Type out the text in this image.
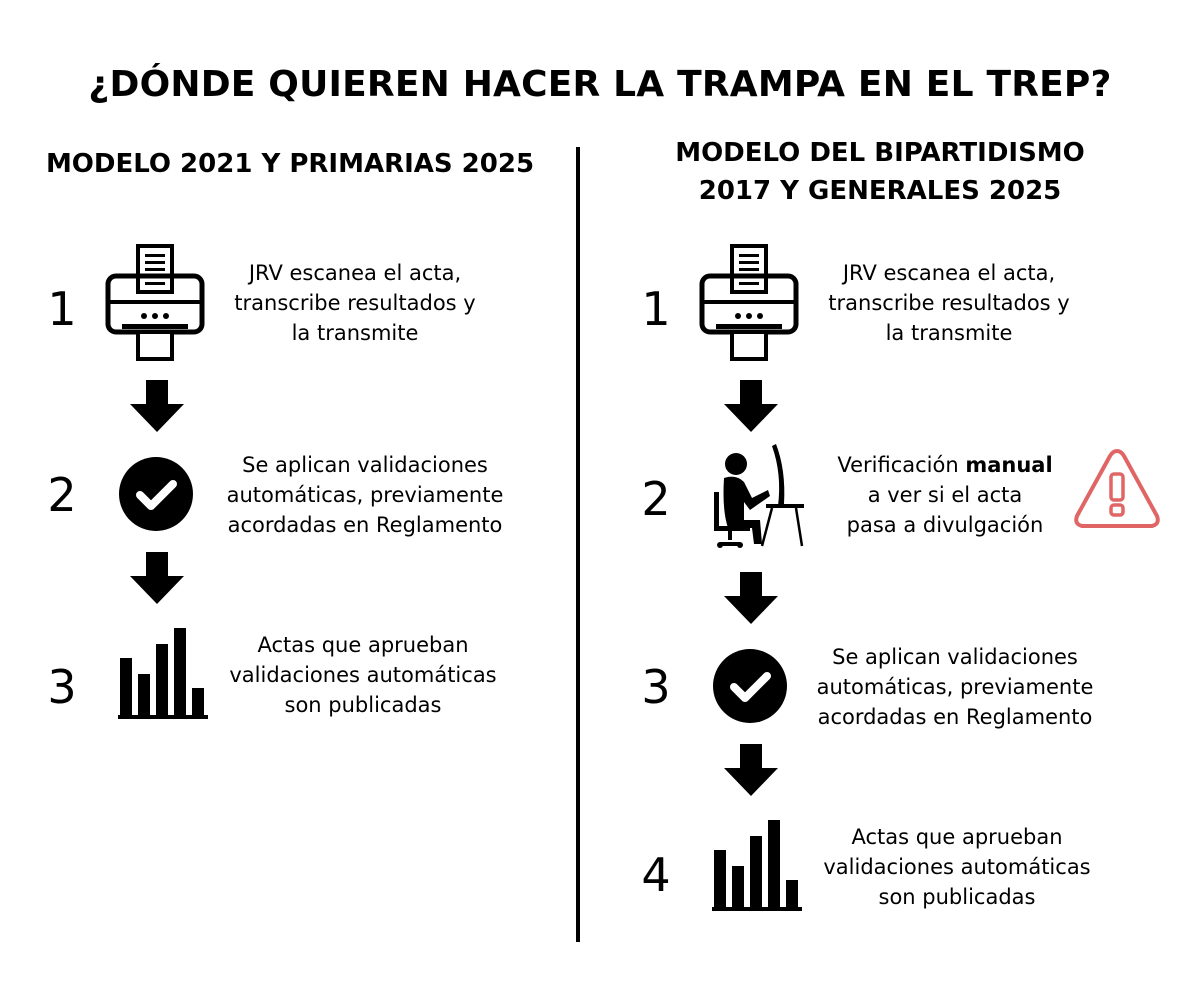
¿DÓNDE QUIEREN HACER LA TRAMPA EN EL TREP?
MODELO 2021 Y PRIMARIAS 2025
1
JRV escanea el acta,
transcribe resultados y
la transmite
2
Se aplican validaciones
automáticas, previamente
acordadas en Reglamento
3
Actas que aprueban
validaciones automáticas
son publicadas
MODELO DEL BIPARTIDISMO
2017 Y GENERALES 2025
1
JRV escanea el acta,
transcribe resultados y
la transmite
2
Verificación manual
a ver si el acta
pasa a divulgación
3
Se aplican validaciones
automáticas, previamente
acordadas en Reglamento
4
Actas que aprueban
validaciones automáticas
son publicadas
